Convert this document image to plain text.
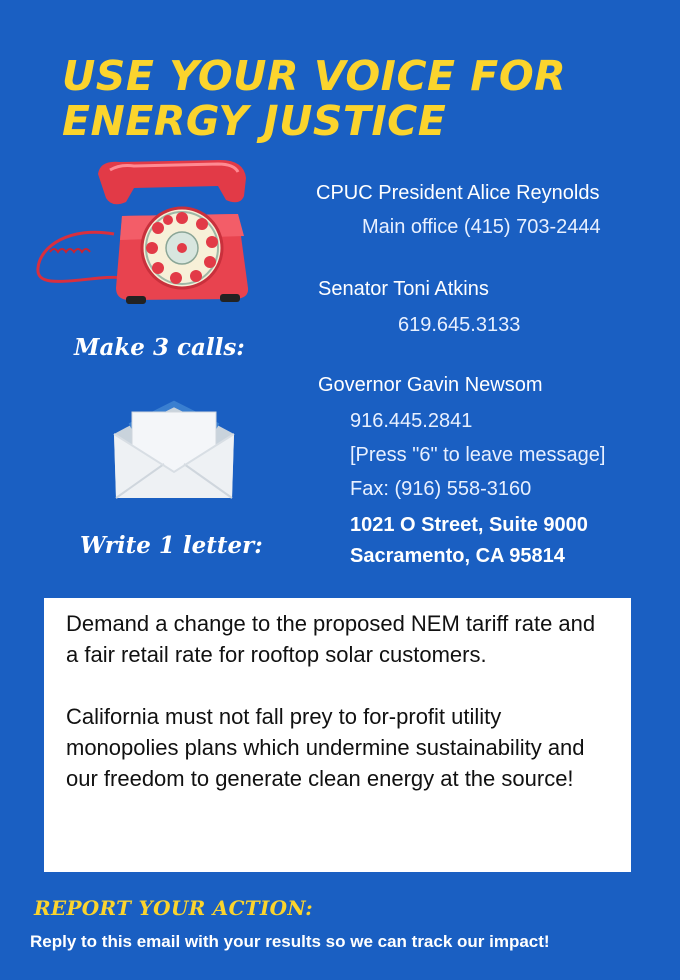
USE YOUR VOICE FOR
ENERGY JUSTICE
Make 3 calls:
Write 1 letter:
CPUC President Alice Reynolds
Main office (415) 703-2444
Senator Toni Atkins
619.645.3133
Governor Gavin Newsom
916.445.2841
[Press "6" to leave message]
Fax: (916) 558-3160
1021 O Street, Suite 9000
Sacramento, CA 95814

Demand a change to the proposed NEM tariff rate and a fair retail rate for rooftop solar customers.

California must not fall prey to for-profit utility monopolies plans which undermine sustainability and our freedom to generate clean energy at the source!

REPORT YOUR ACTION:
Reply to this email with your results so we can track our impact!
